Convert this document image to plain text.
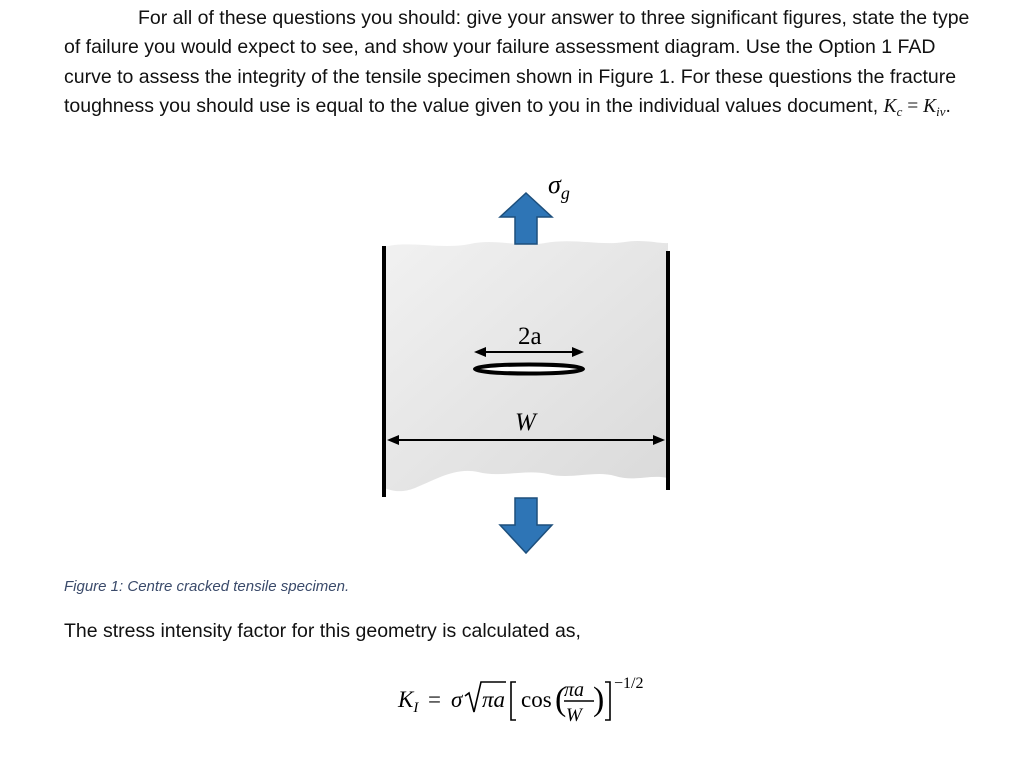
For all of these questions you should: give your answer to three significant figures, state the type of failure you would expect to see, and show your failure assessment diagram. Use the Option 1 FAD curve to assess the integrity of the tensile specimen shown in Figure 1. For these questions the fracture toughness you should use is equal to the value given to you in the individual values document, $K_c = K_{iv}$.

$\sigma_g$
2a
W
$K_I = \sigma$ πa cos (
πa
W ) −1/2

Figure 1: Centre cracked tensile specimen.

The stress intensity factor for this geometry is calculated as,
